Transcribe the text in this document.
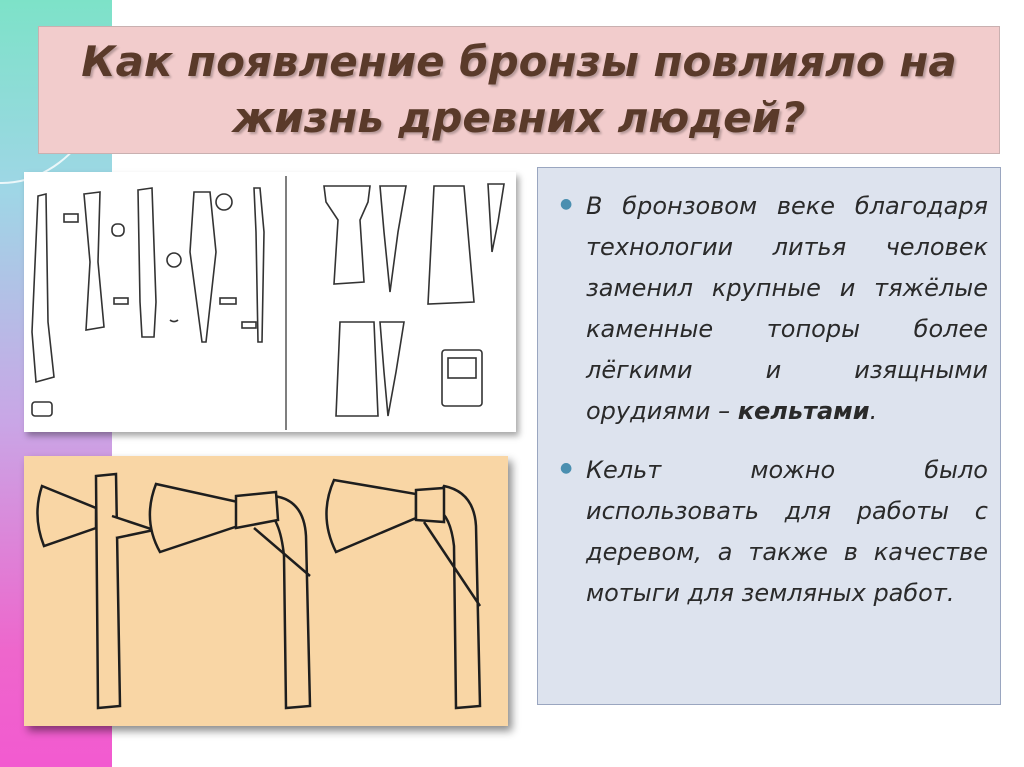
Как появление бронзы повлияло на жизнь древних людей?
● В бронзовом веке благодаря технологии литья человек заменил крупные и тяжёлые каменные топоры более лёгкими и изящными орудиями – кельтами.
● Кельт можно было использовать для работы с деревом, а также в качестве мотыги для земляных работ.
